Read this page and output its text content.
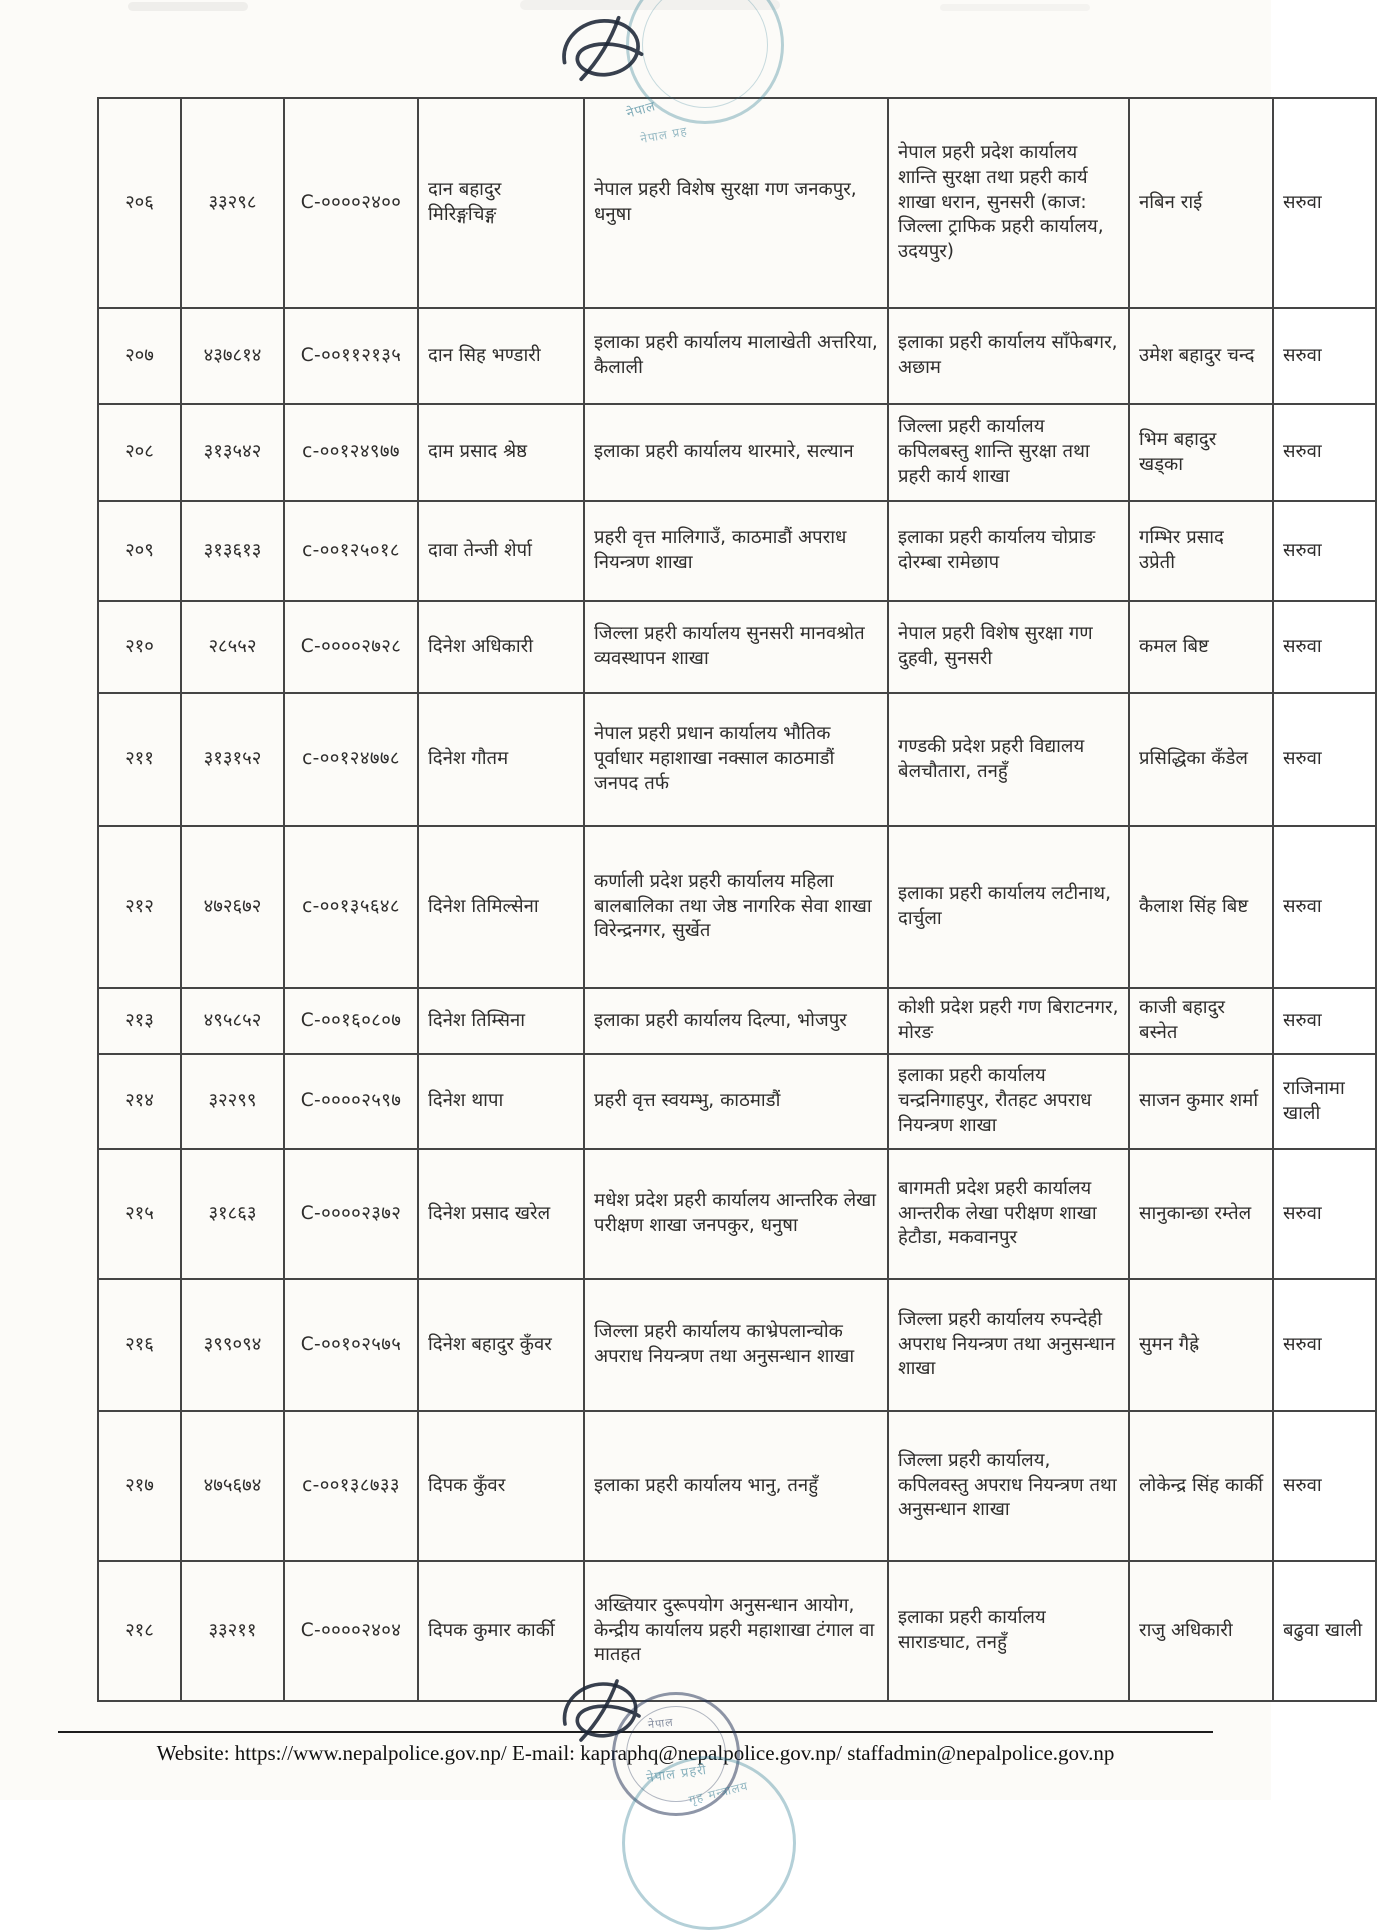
नेपाल
नेपाल प्रह
२०६	३३२९८	C-००००२४००	दान बहादुर मिरिङ्गचिङ्ग	नेपाल प्रहरी विशेष सुरक्षा गण जनकपुर, धनुषा	नेपाल प्रहरी प्रदेश कार्यालय शान्ति सुरक्षा तथा प्रहरी कार्य शाखा धरान, सुनसरी (काज: जिल्ला ट्राफिक प्रहरी कार्यालय, उदयपुर)	नबिन राई	सरुवा
२०७	४३७८१४	C-००११२१३५	दान सिह भण्डारी	इलाका प्रहरी कार्यालय मालाखेती अत्तरिया, कैलाली	इलाका प्रहरी कार्यालय साँफेबगर, अछाम	उमेश बहादुर चन्द	सरुवा
२०८	३१३५४२	c-००१२४९७७	दाम प्रसाद श्रेष्ठ	इलाका प्रहरी कार्यालय थारमारे, सल्यान	जिल्ला प्रहरी कार्यालय कपिलबस्तु शान्ति सुरक्षा तथा प्रहरी कार्य शाखा	भिम बहादुर खड्का	सरुवा
२०९	३१३६१३	c-००१२५०१८	दावा तेन्जी शेर्पा	प्रहरी वृत्त मालिगाउँ, काठमाडौं अपराध नियन्त्रण शाखा	इलाका प्रहरी कार्यालय चोप्राङ दोरम्बा रामेछाप	गम्भिर प्रसाद उप्रेती	सरुवा
२१०	२८५५२	C-००००२७२८	दिनेश अधिकारी	जिल्ला प्रहरी कार्यालय सुनसरी मानवश्रोत व्यवस्थापन शाखा	नेपाल प्रहरी विशेष सुरक्षा गण दुहवी, सुनसरी	कमल बिष्ट	सरुवा
२११	३१३१५२	c-००१२४७७८	दिनेश गौतम	नेपाल प्रहरी प्रधान कार्यालय भौतिक पूर्वाधार महाशाखा नक्साल काठमाडौं जनपद तर्फ	गण्डकी प्रदेश प्रहरी विद्यालय बेलचौतारा, तनहुँ	प्रसिद्धिका कँडेल	सरुवा
२१२	४७२६७२	c-००१३५६४८	दिनेश तिमिल्सेना	कर्णाली प्रदेश प्रहरी कार्यालय महिला बालबालिका तथा जेष्ठ नागरिक सेवा शाखा विरेन्द्रनगर, सुर्खेत	इलाका प्रहरी कार्यालय लटीनाथ, दार्चुला	कैलाश सिंह बिष्ट	सरुवा
२१३	४९५८५२	C-००१६०८०७	दिनेश तिम्सिना	इलाका प्रहरी कार्यालय दिल्पा, भोजपुर	कोशी प्रदेश प्रहरी गण बिराटनगर, मोरङ	काजी बहादुर बस्नेत	सरुवा
२१४	३२२९९	C-००००२५९७	दिनेश थापा	प्रहरी वृत्त स्वयम्भु, काठमाडौं	इलाका प्रहरी कार्यालय चन्द्रनिगाहपुर, रौतहट अपराध नियन्त्रण शाखा	साजन कुमार शर्मा	राजिनामा खाली
२१५	३१८६३	C-००००२३७२	दिनेश प्रसाद खरेल	मधेश प्रदेश प्रहरी कार्यालय आन्तरिक लेखा परीक्षण शाखा जनपकुर, धनुषा	बागमती प्रदेश प्रहरी कार्यालय आन्तरीक लेखा परीक्षण शाखा हेटौडा, मकवानपुर	सानुकान्छा रम्तेल	सरुवा
२१६	३९९०९४	C-००१०२५७५	दिनेश बहादुर कुँवर	जिल्ला प्रहरी कार्यालय काभ्रेपलान्चोक अपराध नियन्त्रण तथा अनुसन्धान शाखा	जिल्ला प्रहरी कार्यालय रुपन्देही अपराध नियन्त्रण तथा अनुसन्धान शाखा	सुमन गैह्रे	सरुवा
२१७	४७५६७४	c-००१३८७३३	दिपक कुँवर	इलाका प्रहरी कार्यालय भानु, तनहुँ	जिल्ला प्रहरी कार्यालय, कपिलवस्तु अपराध नियन्त्रण तथा अनुसन्धान शाखा	लोकेन्द्र सिंह कार्की	सरुवा
२१८	३३२११	C-००००२४०४	दिपक कुमार कार्की	अख्तियार दुरूपयोग अनुसन्धान आयोग, केन्द्रीय कार्यालय प्रहरी महाशाखा टंगाल वा मातहत	इलाका प्रहरी कार्यालय साराङघाट, तनहुँ	राजु अधिकारी	बढुवा खाली
नेपाल
नेपाल प्रहरी
गृह मन्त्रालय
Website: https://www.nepalpolice.gov.np/ E-mail: kapraphq@nepalpolice.gov.np/ staffadmin@nepalpolice.gov.np
